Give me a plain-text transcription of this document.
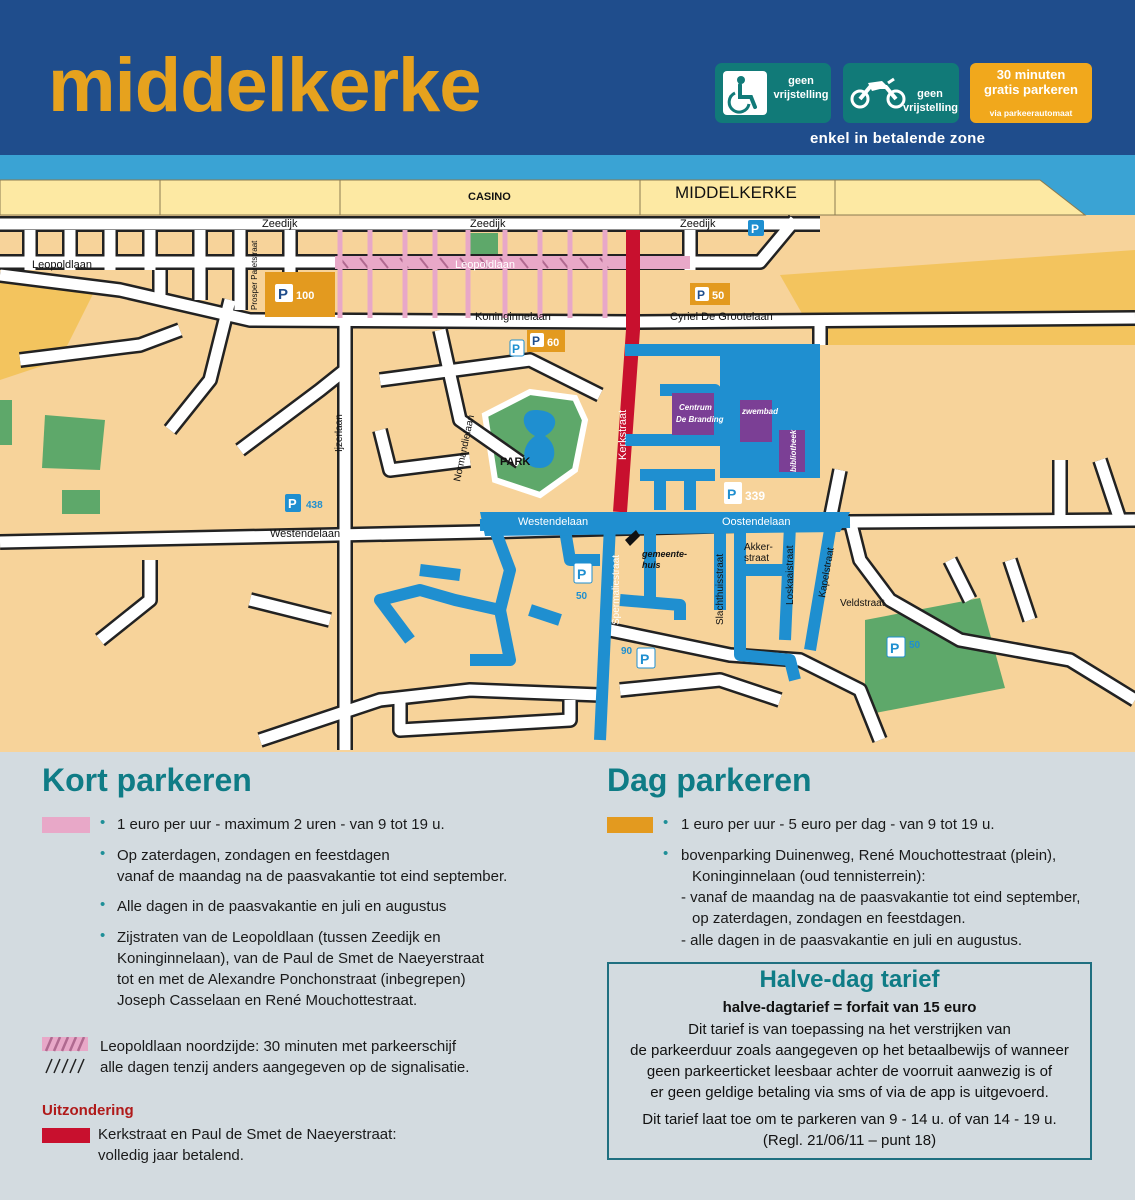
middelkerke	geen
vrijstelling	geen
vrijstelling
30 minuten
gratis parkeren
via parkeerautomaat
enkel in betalende zone
P	P
P
P
P
P
P
P
P
P
CASINO	MIDDELKERKE
Zeedijk	Zeedijk	Zeedijk
Leopoldlaan	Leopoldlaan
Prosper Paretstraat
Koninginnelaan	Cyriel De Grootelaan
Kerkstraat
Ijzerlaan	Normandielaan PARK
Westendelaan
Westendelaan	Oostendelaan
Spermaliestraat	Slachthuisstraat
Akker-
straat Loskaaistraat Kapelstraat
Veldstraat
Centrum
De Branding
zwembad
bibliotheek
gemeente-
huis
100	50
60
339
438
50
90
50
Kort parkeren
• 1 euro per uur - maximum 2 uren - van 9 tot 19 u.
• Op zaterdagen, zondagen en feestdagen
vanaf de maandag na de paasvakantie tot eind september.
• Alle dagen in de paasvakantie en juli en augustus
• Zijstraten van de Leopoldlaan (tussen Zeedijk en
Koninginnelaan), van de Paul de Smet de Naeyerstraat
tot en met de Alexandre Ponchonstraat (inbegrepen)
Joseph Casselaan en René Mouchottestraat.
Leopoldlaan noordzijde: 30 minuten met parkeerschijf
alle dagen tenzij anders aangegeven op de signalisatie.
Uitzondering
Kerkstraat en Paul de Smet de Naeyerstraat:
volledig jaar betalend.
Dag parkeren
• 1 euro per uur - 5 euro per dag - van 9 tot 19 u.
• bovenparking Duinenweg, René Mouchottestraat (plein),
Koninginnelaan (oud tennisterrein):
- vanaf de maandag na de paasvakantie tot eind september,
op zaterdagen, zondagen en feestdagen.
- alle dagen in de paasvakantie en juli en augustus.
Halve-dag tarief
halve-dagtarief = forfait van 15 euro
Dit tarief is van toepassing na het verstrijken van
de parkeerduur zoals aangegeven op het betaalbewijs of wanneer
geen parkeerticket leesbaar achter de voorruit aanwezig is of
er geen geldige betaling via sms of via de app is uitgevoerd.
Dit tarief laat toe om te parkeren van 9 - 14 u. of van 14 - 19 u.
(Regl. 21/06/11 – punt 18)
